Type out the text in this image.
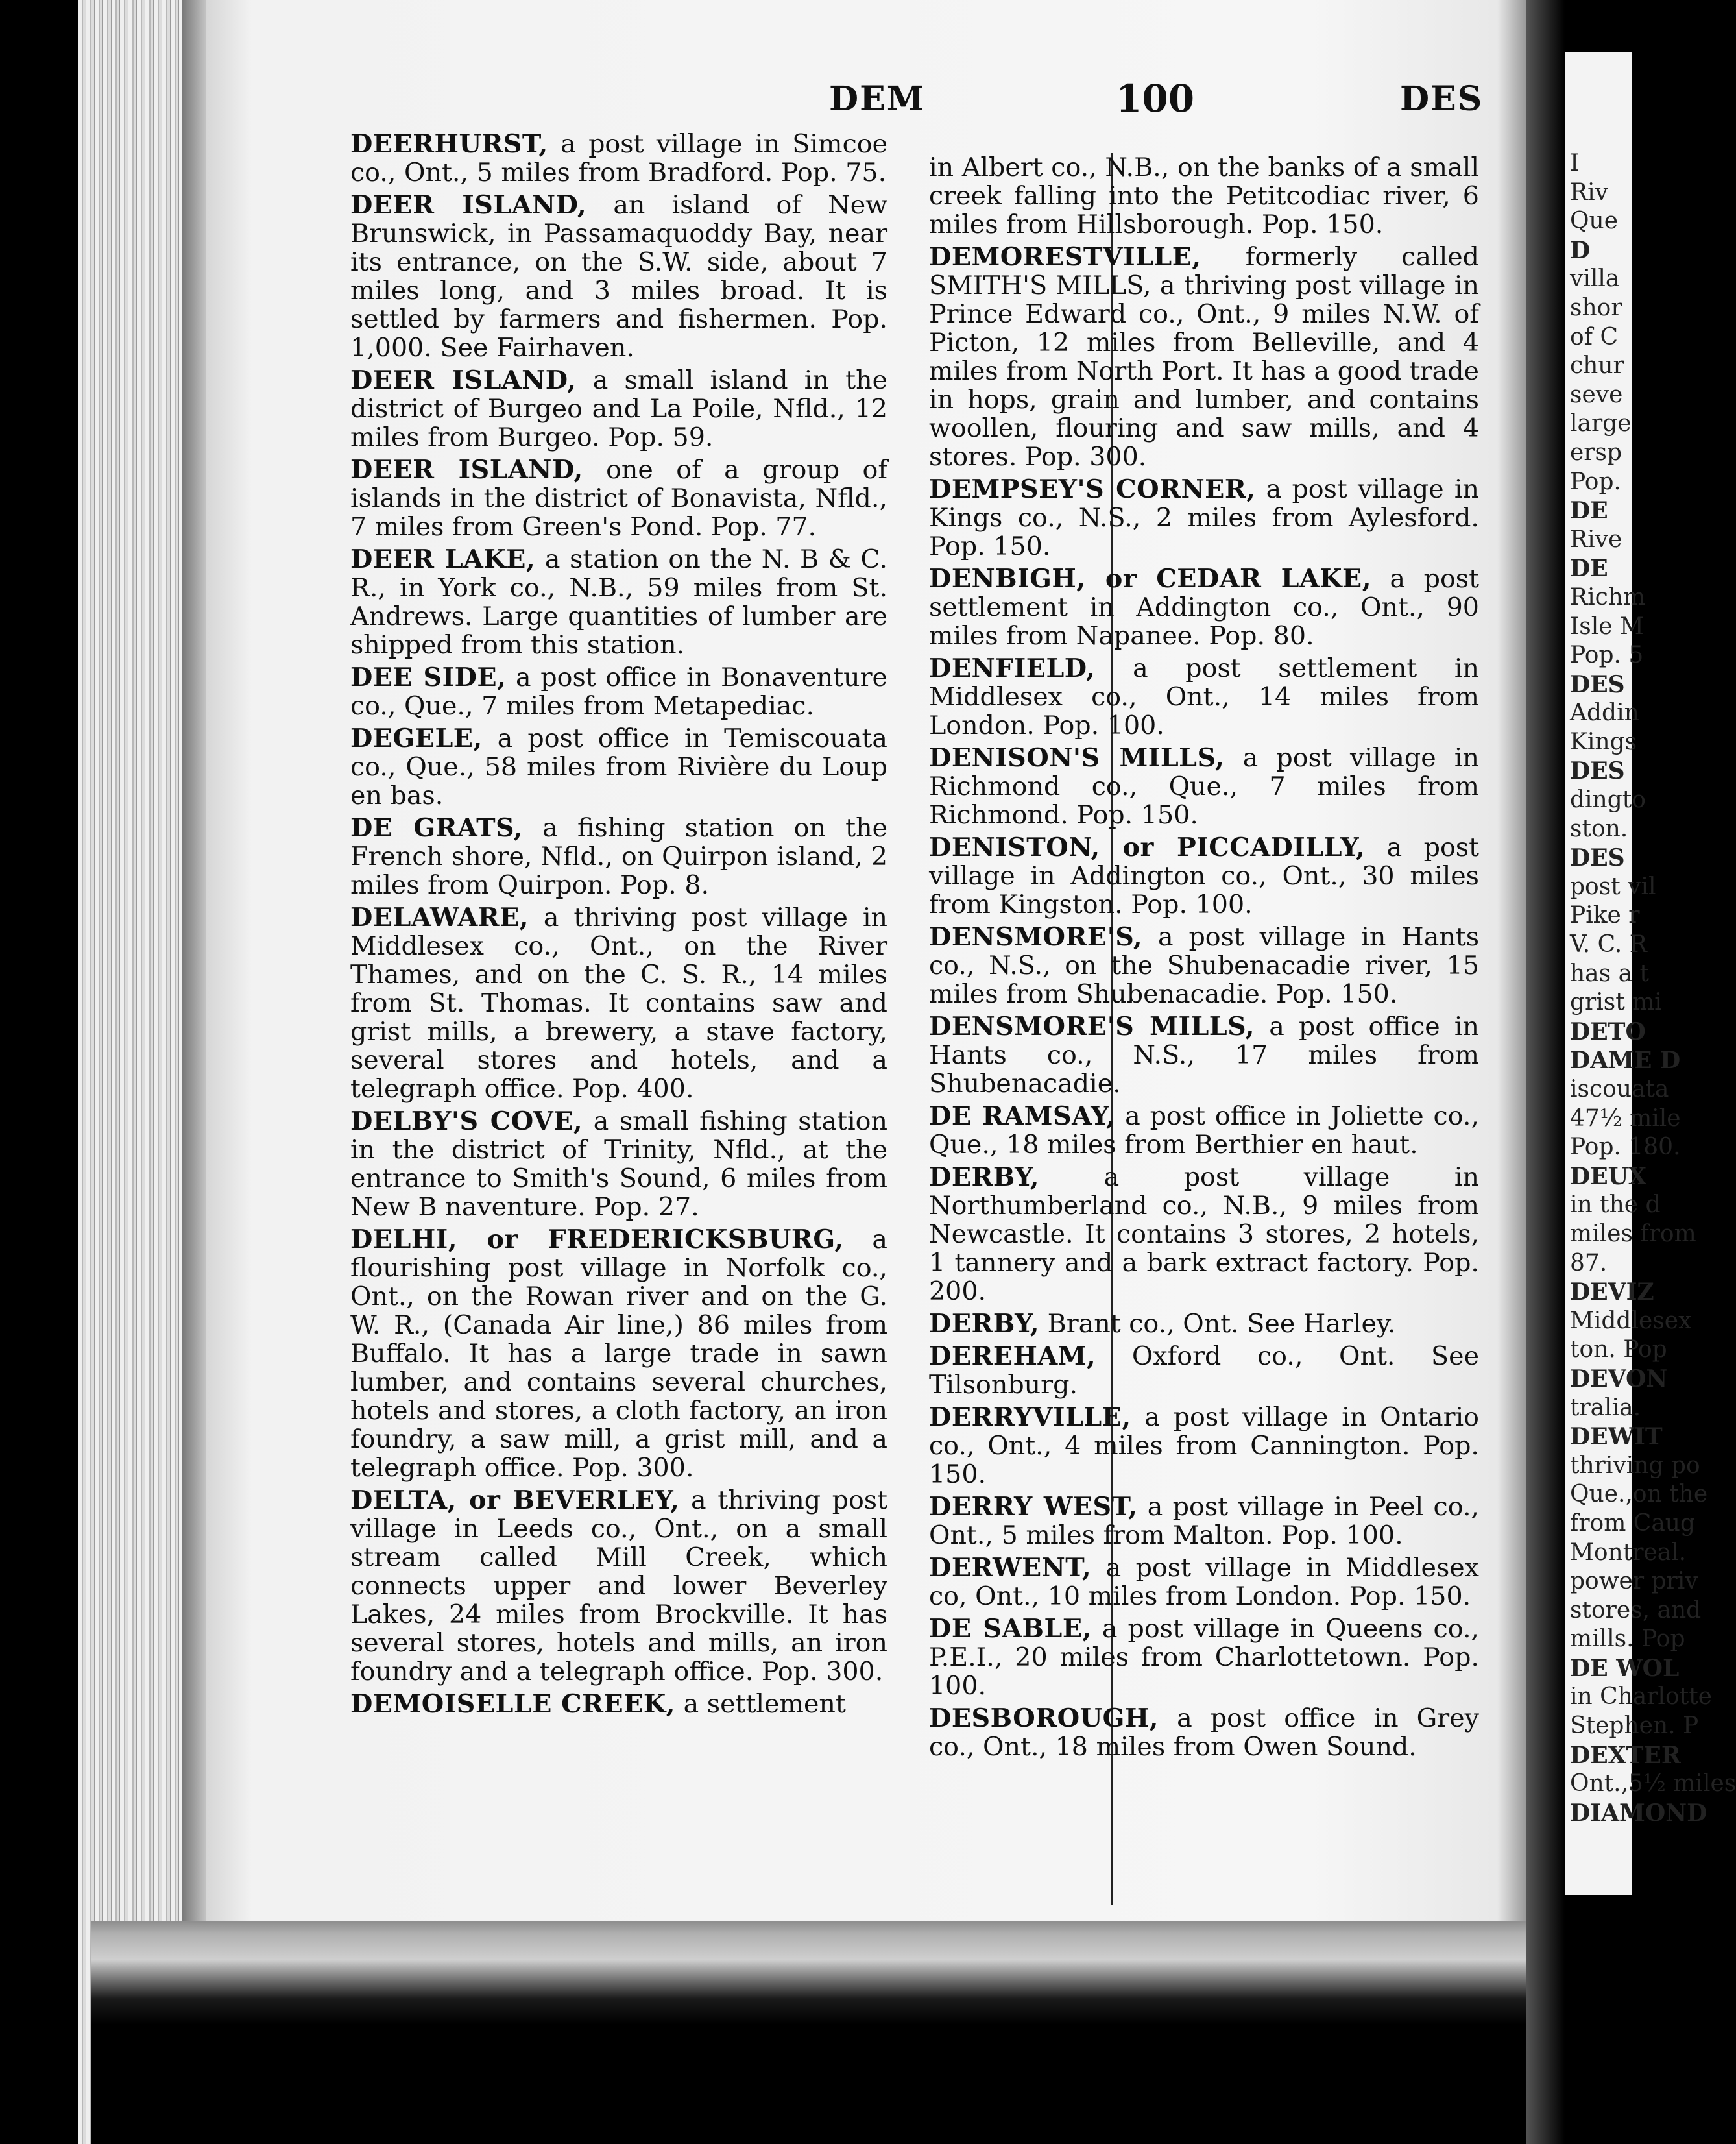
DEM	100	DES

DEERHURST, a post village in Simcoe co., Ont., 5 miles from Bradford. Pop. 75.

DEER ISLAND, an island of New Brunswick, in Passamaquoddy Bay, near its entrance, on the S.W. side, about 7 miles long, and 3 miles broad. It is settled by farmers and fishermen. Pop. 1,000. See Fairhaven.

DEER ISLAND, a small island in the district of Burgeo and La Poile, Nfld., 12 miles from Burgeo. Pop. 59.

DEER ISLAND, one of a group of islands in the district of Bonavista, Nfld., 7 miles from Green's Pond. Pop. 77.

DEER LAKE, a station on the N. B & C. R., in York co., N.B., 59 miles from St. Andrews. Large quantities of lumber are shipped from this station.

DEE SIDE, a post office in Bonaventure co., Que., 7 miles from Metapediac.

DEGELE, a post office in Temiscouata co., Que., 58 miles from Rivière du Loup en bas.

DE GRATS, a fishing station on the French shore, Nfld., on Quirpon island, 2 miles from Quirpon. Pop. 8.

DELAWARE, a thriving post village in Middlesex co., Ont., on the River Thames, and on the C. S. R., 14 miles from St. Thomas. It contains saw and grist mills, a brewery, a stave factory, several stores and hotels, and a telegraph office. Pop. 400.

DELBY'S COVE, a small fishing station in the district of Trinity, Nfld., at the entrance to Smith's Sound, 6 miles from New B naventure. Pop. 27.

DELHI, or FREDERICKSBURG, a flourishing post village in Norfolk co., Ont., on the Rowan river and on the G. W. R., (Canada Air line,) 86 miles from Buffalo. It has a large trade in sawn lumber, and contains several churches, hotels and stores, a cloth factory, an iron foundry, a saw mill, a grist mill, and a telegraph office. Pop. 300.

DELTA, or BEVERLEY, a thriving post village in Leeds co., Ont., on a small stream called Mill Creek, which connects upper and lower Beverley Lakes, 24 miles from Brockville. It has several stores, hotels and mills, an iron foundry and a telegraph office. Pop. 300.

DEMOISELLE CREEK, a settlement

in Albert co., N.B., on the banks of a small creek falling into the Petitcodiac river, 6 miles from Hillsborough. Pop. 150.

DEMORESTVILLE, formerly called SMITH'S MILLS, a thriving post village in Prince Edward co., Ont., 9 miles N.W. of Picton, 12 miles from Belleville, and 4 miles from North Port. It has a good trade in hops, grain and lumber, and contains woollen, flouring and saw mills, and 4 stores. Pop. 300.

DEMPSEY'S CORNER, a post village in Kings co., N.S., 2 miles from Aylesford. Pop. 150.

DENBIGH, or CEDAR LAKE, a post settlement in Addington co., Ont., 90 miles from Napanee. Pop. 80.

DENFIELD, a post settlement in Middlesex co., Ont., 14 miles from London. Pop. 100.

DENISON'S MILLS, a post village in Richmond co., Que., 7 miles from Richmond. Pop. 150.

DENISTON, or PICCADILLY, a post village in Addington co., Ont., 30 miles from Kingston. Pop. 100.

DENSMORE'S, a post village in Hants co., N.S., on the Shubenacadie river, 15 miles from Shubenacadie. Pop. 150.

DENSMORE'S MILLS, a post office in Hants co., N.S., 17 miles from Shubenacadie.

DE RAMSAY, a post office in Joliette co., Que., 18 miles from Berthier en haut.

DERBY, a post village in Northumberland co., N.B., 9 miles from Newcastle. It contains 3 stores, 2 hotels, 1 tannery and a bark extract factory. Pop. 200.

DERBY, Brant co., Ont. See Harley.

DEREHAM, Oxford co., Ont. See Tilsonburg.

DERRYVILLE, a post village in Ontario co., Ont., 4 miles from Cannington. Pop. 150.

DERRY WEST, a post village in Peel co., Ont., 5 miles from Malton. Pop. 100.

DERWENT, a post village in Middlesex co, Ont., 10 miles from London. Pop. 150.

DE SABLE, a post village in Queens co., P.E.I., 20 miles from Charlottetown. Pop. 100.

DESBOROUGH, a post office in Grey co., Ont., 18 miles from Owen Sound.

I
Riv
Que
D
villa
shor
of C
chur
seve
large
ersp
Pop.
DE
Rive
DE
Richm
Isle M
Pop. 5
DES
Addin
Kings
DES
dingto
ston.
DES
post vil
Pike r
V. C. R
has a t
grist mi
DETO
DAME D
iscouata
47½ mile
Pop. 180.
DEUX
in the d
miles from
87.
DEVIZ
Middlesex
ton. Pop
DEVON
tralia.
DEWIT
thriving po
Que.,on the
from Caug
Montreal.
power priv
stores, and
mills. Pop
DE WOL
in Charlotte
Stephen. P
DEXTER
Ont.,5½ miles
DIAMOND
